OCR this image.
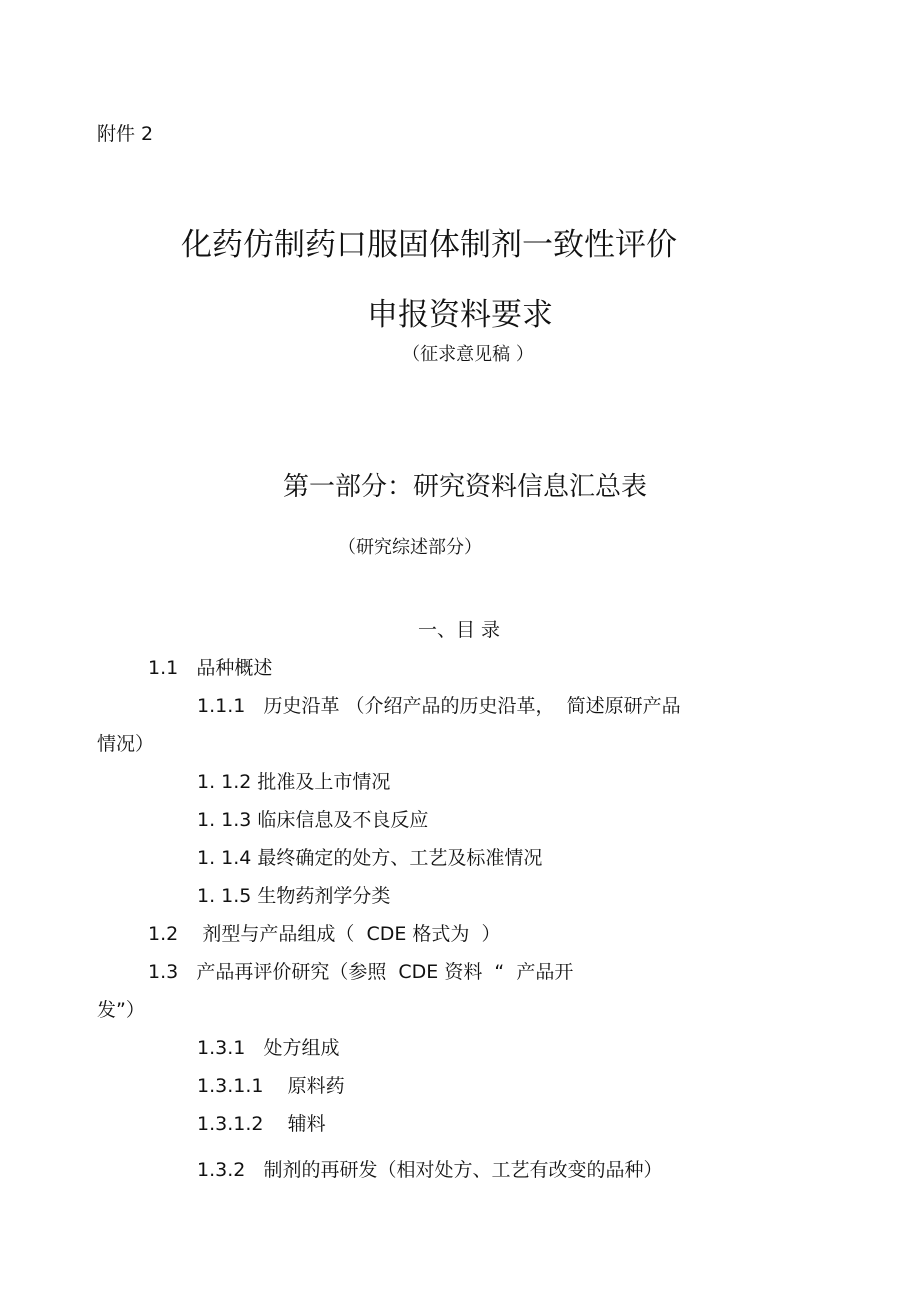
附件 2
化药仿制药口服固体制剂一致性评价
申报资料要求
（征求意见稿 ）
第一部分：研究资料信息汇总表
（研究综述部分）
一、目 录
1.1   品种概述
1.1.1   历史沿革 （介绍产品的历史沿革，  简述原研产品
情况）
1. 1.2 批准及上市情况
1. 1.3 临床信息及不良反应
1. 1.4 最终确定的处方、工艺及标准情况
1. 1.5 生物药剂学分类
1.2    剂型与产品组成（  CDE 格式为  ）
1.3   产品再评价研究（参照  CDE 资料  “  产品开
发”）
1.3.1   处方组成
1.3.1.1    原料药
1.3.1.2    辅料
1.3.2   制剂的再研发（相对处方、工艺有改变的品种）
